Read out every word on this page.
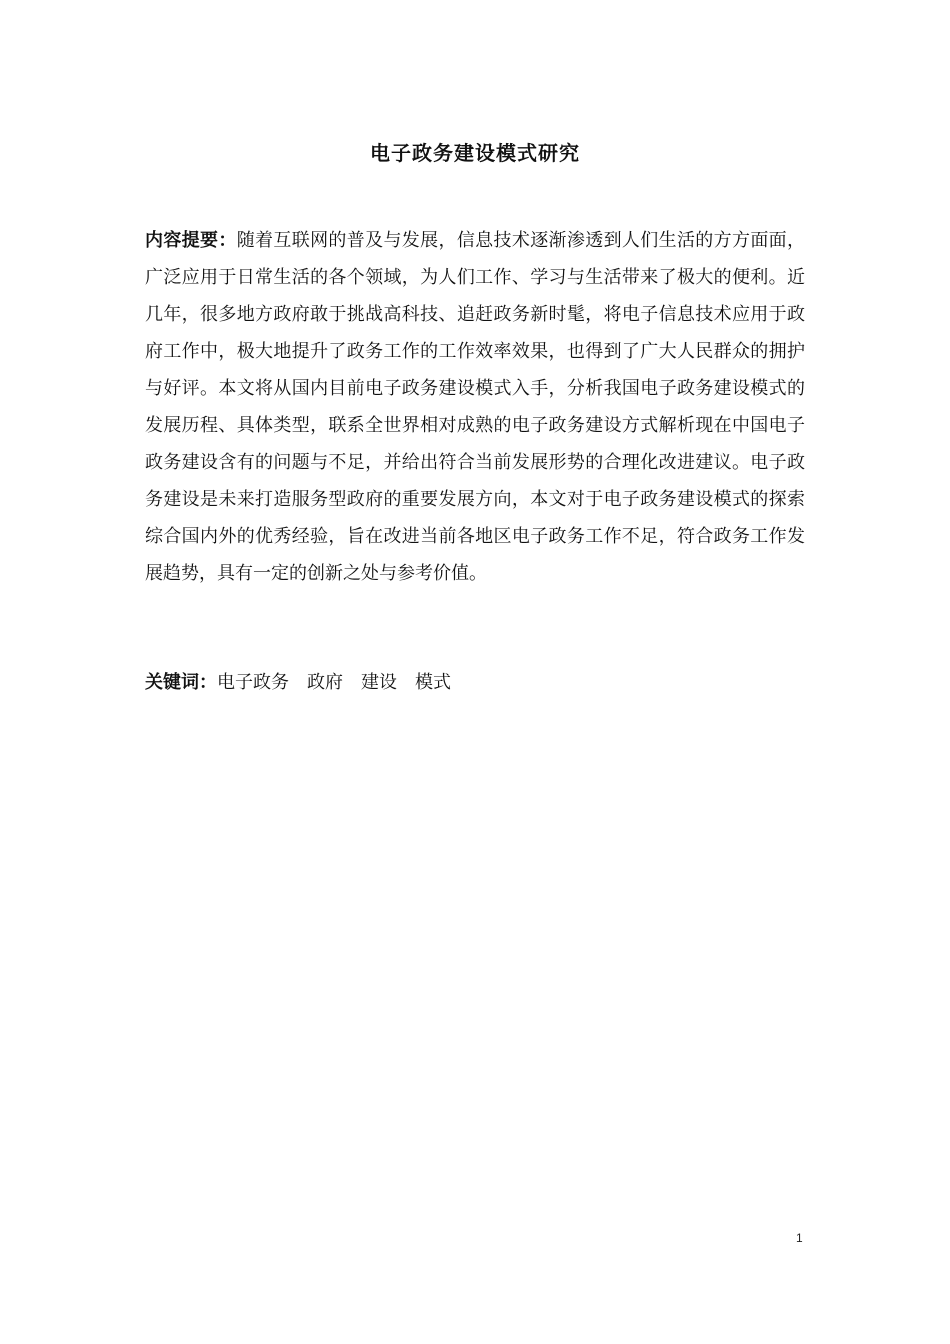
电子政务建设模式研究
内容提要：随着互联网的普及与发展，信息技术逐渐渗透到人们生活的方方面面，广泛应用于日常生活的各个领域，为人们工作、学习与生活带来了极大的便利。近几年，很多地方政府敢于挑战高科技、追赶政务新时髦，将电子信息技术应用于政府工作中，极大地提升了政务工作的工作效率效果，也得到了广大人民群众的拥护与好评。本文将从国内目前电子政务建设模式入手，分析我国电子政务建设模式的发展历程、具体类型，联系全世界相对成熟的电子政务建设方式解析现在中国电子政务建设含有的问题与不足，并给出符合当前发展形势的合理化改进建议。电子政务建设是未来打造服务型政府的重要发展方向，本文对于电子政务建设模式的探索综合国内外的优秀经验，旨在改进当前各地区电子政务工作不足，符合政务工作发展趋势，具有一定的创新之处与参考价值。
关键词：电子政务 政府 建设 模式
1
